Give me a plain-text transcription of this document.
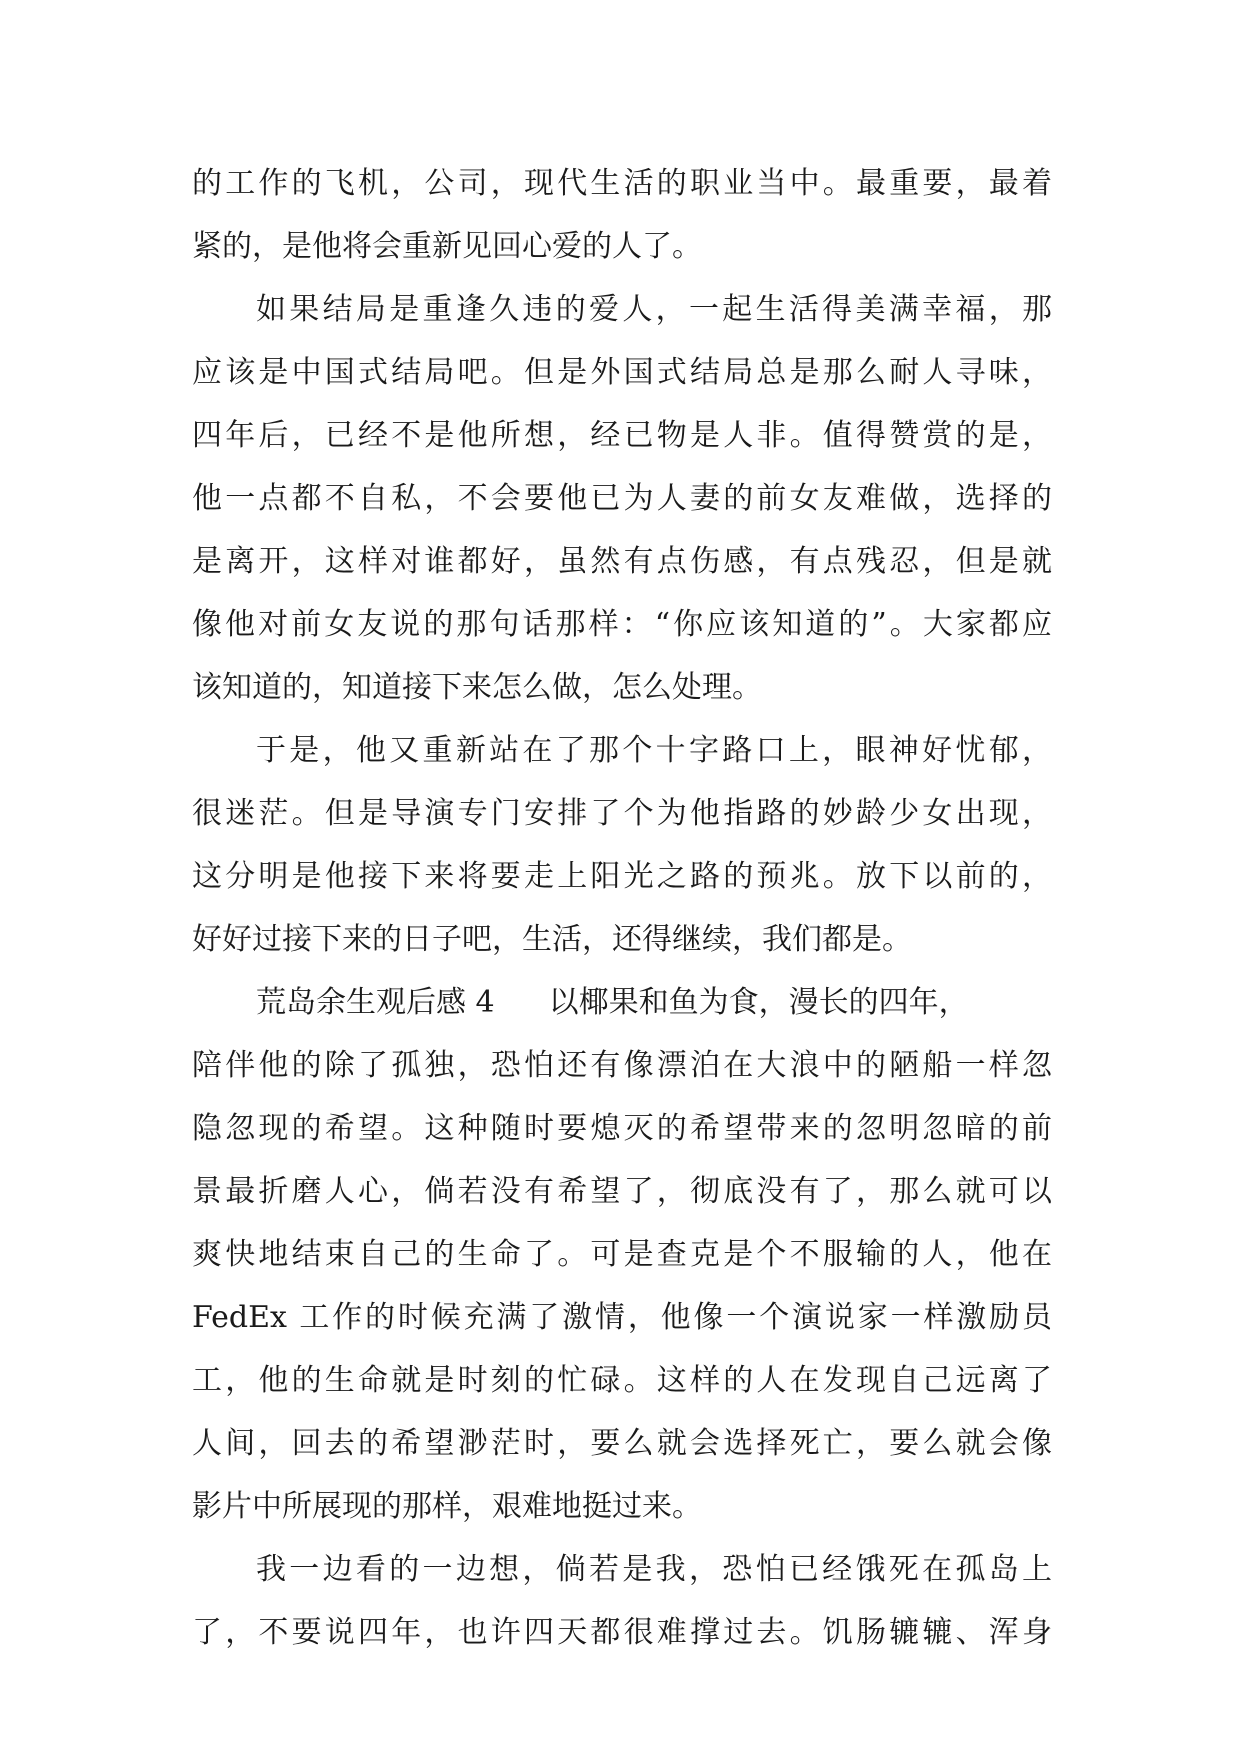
的工作的飞机，公司，现代生活的职业当中。最重要，最着
紧的，是他将会重新见回心爱的人了。
如果结局是重逢久违的爱人，一起生活得美满幸福，那
应该是中国式结局吧。但是外国式结局总是那么耐人寻味，
四年后，已经不是他所想，经已物是人非。值得赞赏的是，
他一点都不自私，不会要他已为人妻的前女友难做，选择的
是离开，这样对谁都好，虽然有点伤感，有点残忍，但是就
像他对前女友说的那句话那样：“你应该知道的”。大家都应
该知道的，知道接下来怎么做，怎么处理。
于是，他又重新站在了那个十字路口上，眼神好忧郁，
很迷茫。但是导演专门安排了个为他指路的妙龄少女出现，
这分明是他接下来将要走上阳光之路的预兆。放下以前的，
好好过接下来的日子吧，生活，还得继续，我们都是。
荒岛余生观后感 4 以椰果和鱼为食，漫长的四年，
陪伴他的除了孤独，恐怕还有像漂泊在大浪中的陋船一样忽
隐忽现的希望。这种随时要熄灭的希望带来的忽明忽暗的前
景最折磨人心，倘若没有希望了，彻底没有了，那么就可以
爽快地结束自己的生命了。可是查克是个不服输的人，他在
FedEx 工作的时候充满了激情，他像一个演说家一样激励员
工，他的生命就是时刻的忙碌。这样的人在发现自己远离了
人间，回去的希望渺茫时，要么就会选择死亡，要么就会像
影片中所展现的那样，艰难地挺过来。
我一边看的一边想，倘若是我，恐怕已经饿死在孤岛上
了，不要说四年，也许四天都很难撑过去。饥肠辘辘、浑身
